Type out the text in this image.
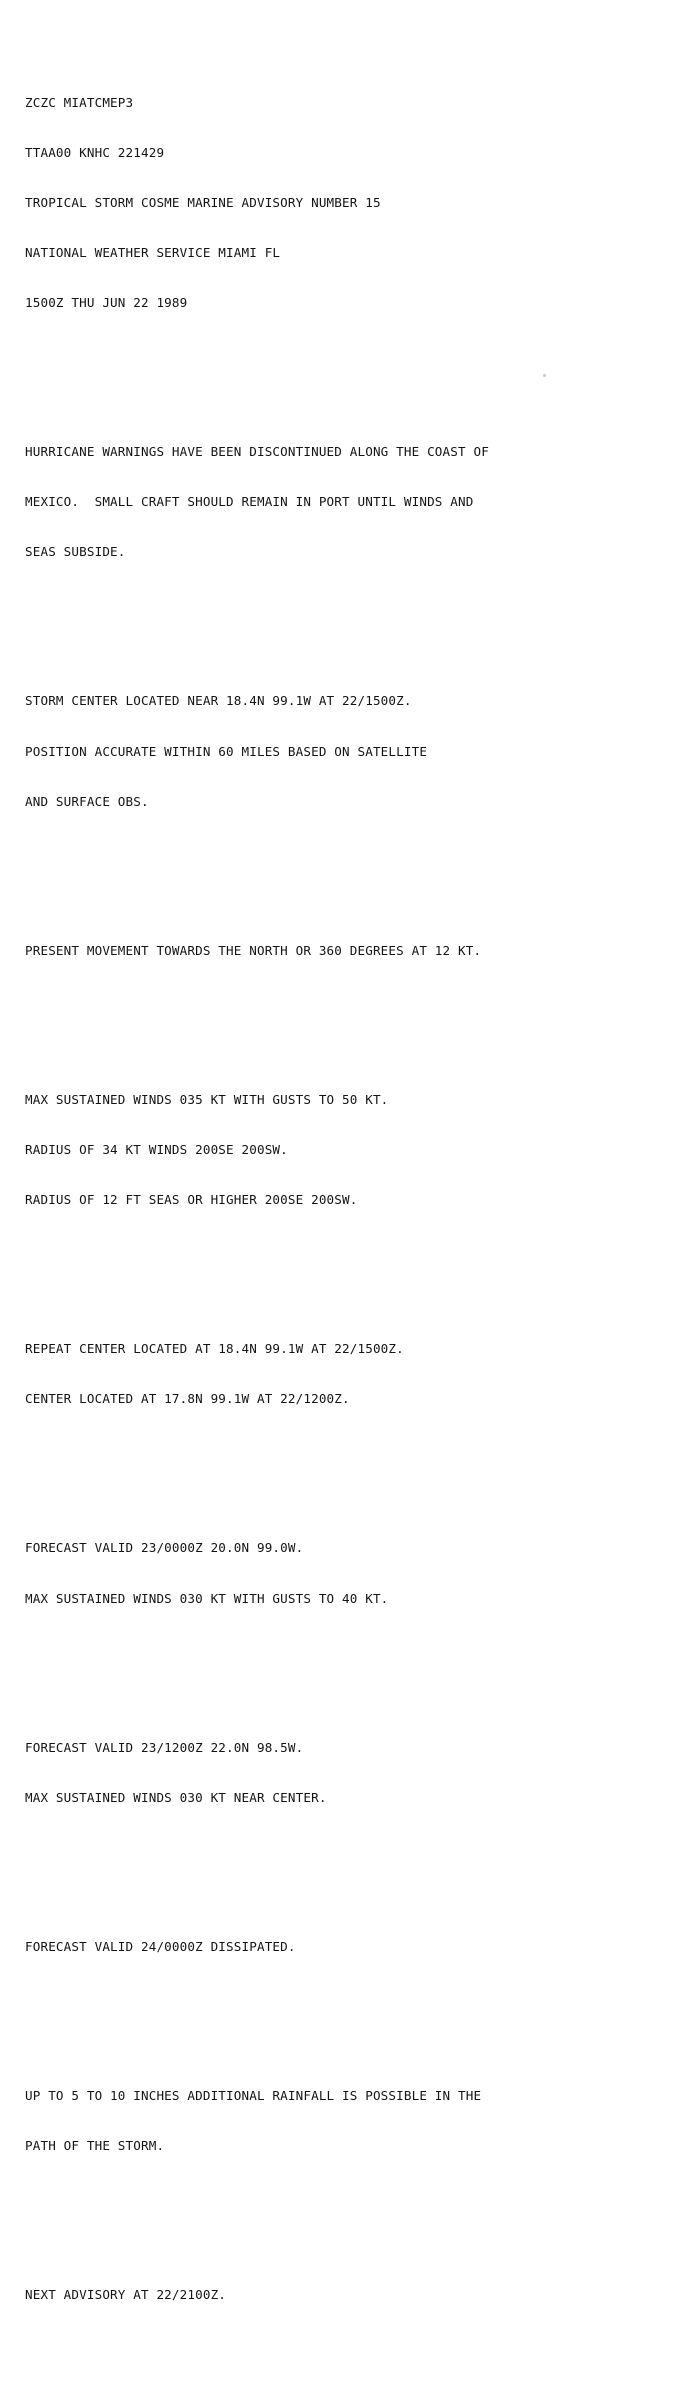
ZCZC MIATCMEP3

TTAA00 KNHC 221429

TROPICAL STORM COSME MARINE ADVISORY NUMBER 15

NATIONAL WEATHER SERVICE MIAMI FL

1500Z THU JUN 22 1989

HURRICANE WARNINGS HAVE BEEN DISCONTINUED ALONG THE COAST OF

MEXICO.  SMALL CRAFT SHOULD REMAIN IN PORT UNTIL WINDS AND

SEAS SUBSIDE.

STORM CENTER LOCATED NEAR 18.4N 99.1W AT 22/1500Z.

POSITION ACCURATE WITHIN 60 MILES BASED ON SATELLITE

AND SURFACE OBS.

PRESENT MOVEMENT TOWARDS THE NORTH OR 360 DEGREES AT 12 KT.

MAX SUSTAINED WINDS 035 KT WITH GUSTS TO 50 KT.

RADIUS OF 34 KT WINDS 200SE 200SW.

RADIUS OF 12 FT SEAS OR HIGHER 200SE 200SW.

REPEAT CENTER LOCATED AT 18.4N 99.1W AT 22/1500Z.

CENTER LOCATED AT 17.8N 99.1W AT 22/1200Z.

FORECAST VALID 23/0000Z 20.0N 99.0W.

MAX SUSTAINED WINDS 030 KT WITH GUSTS TO 40 KT.

FORECAST VALID 23/1200Z 22.0N 98.5W.

MAX SUSTAINED WINDS 030 KT NEAR CENTER.

FORECAST VALID 24/0000Z DISSIPATED.

UP TO 5 TO 10 INCHES ADDITIONAL RAINFALL IS POSSIBLE IN THE

PATH OF THE STORM.

NEXT ADVISORY AT 22/2100Z.
